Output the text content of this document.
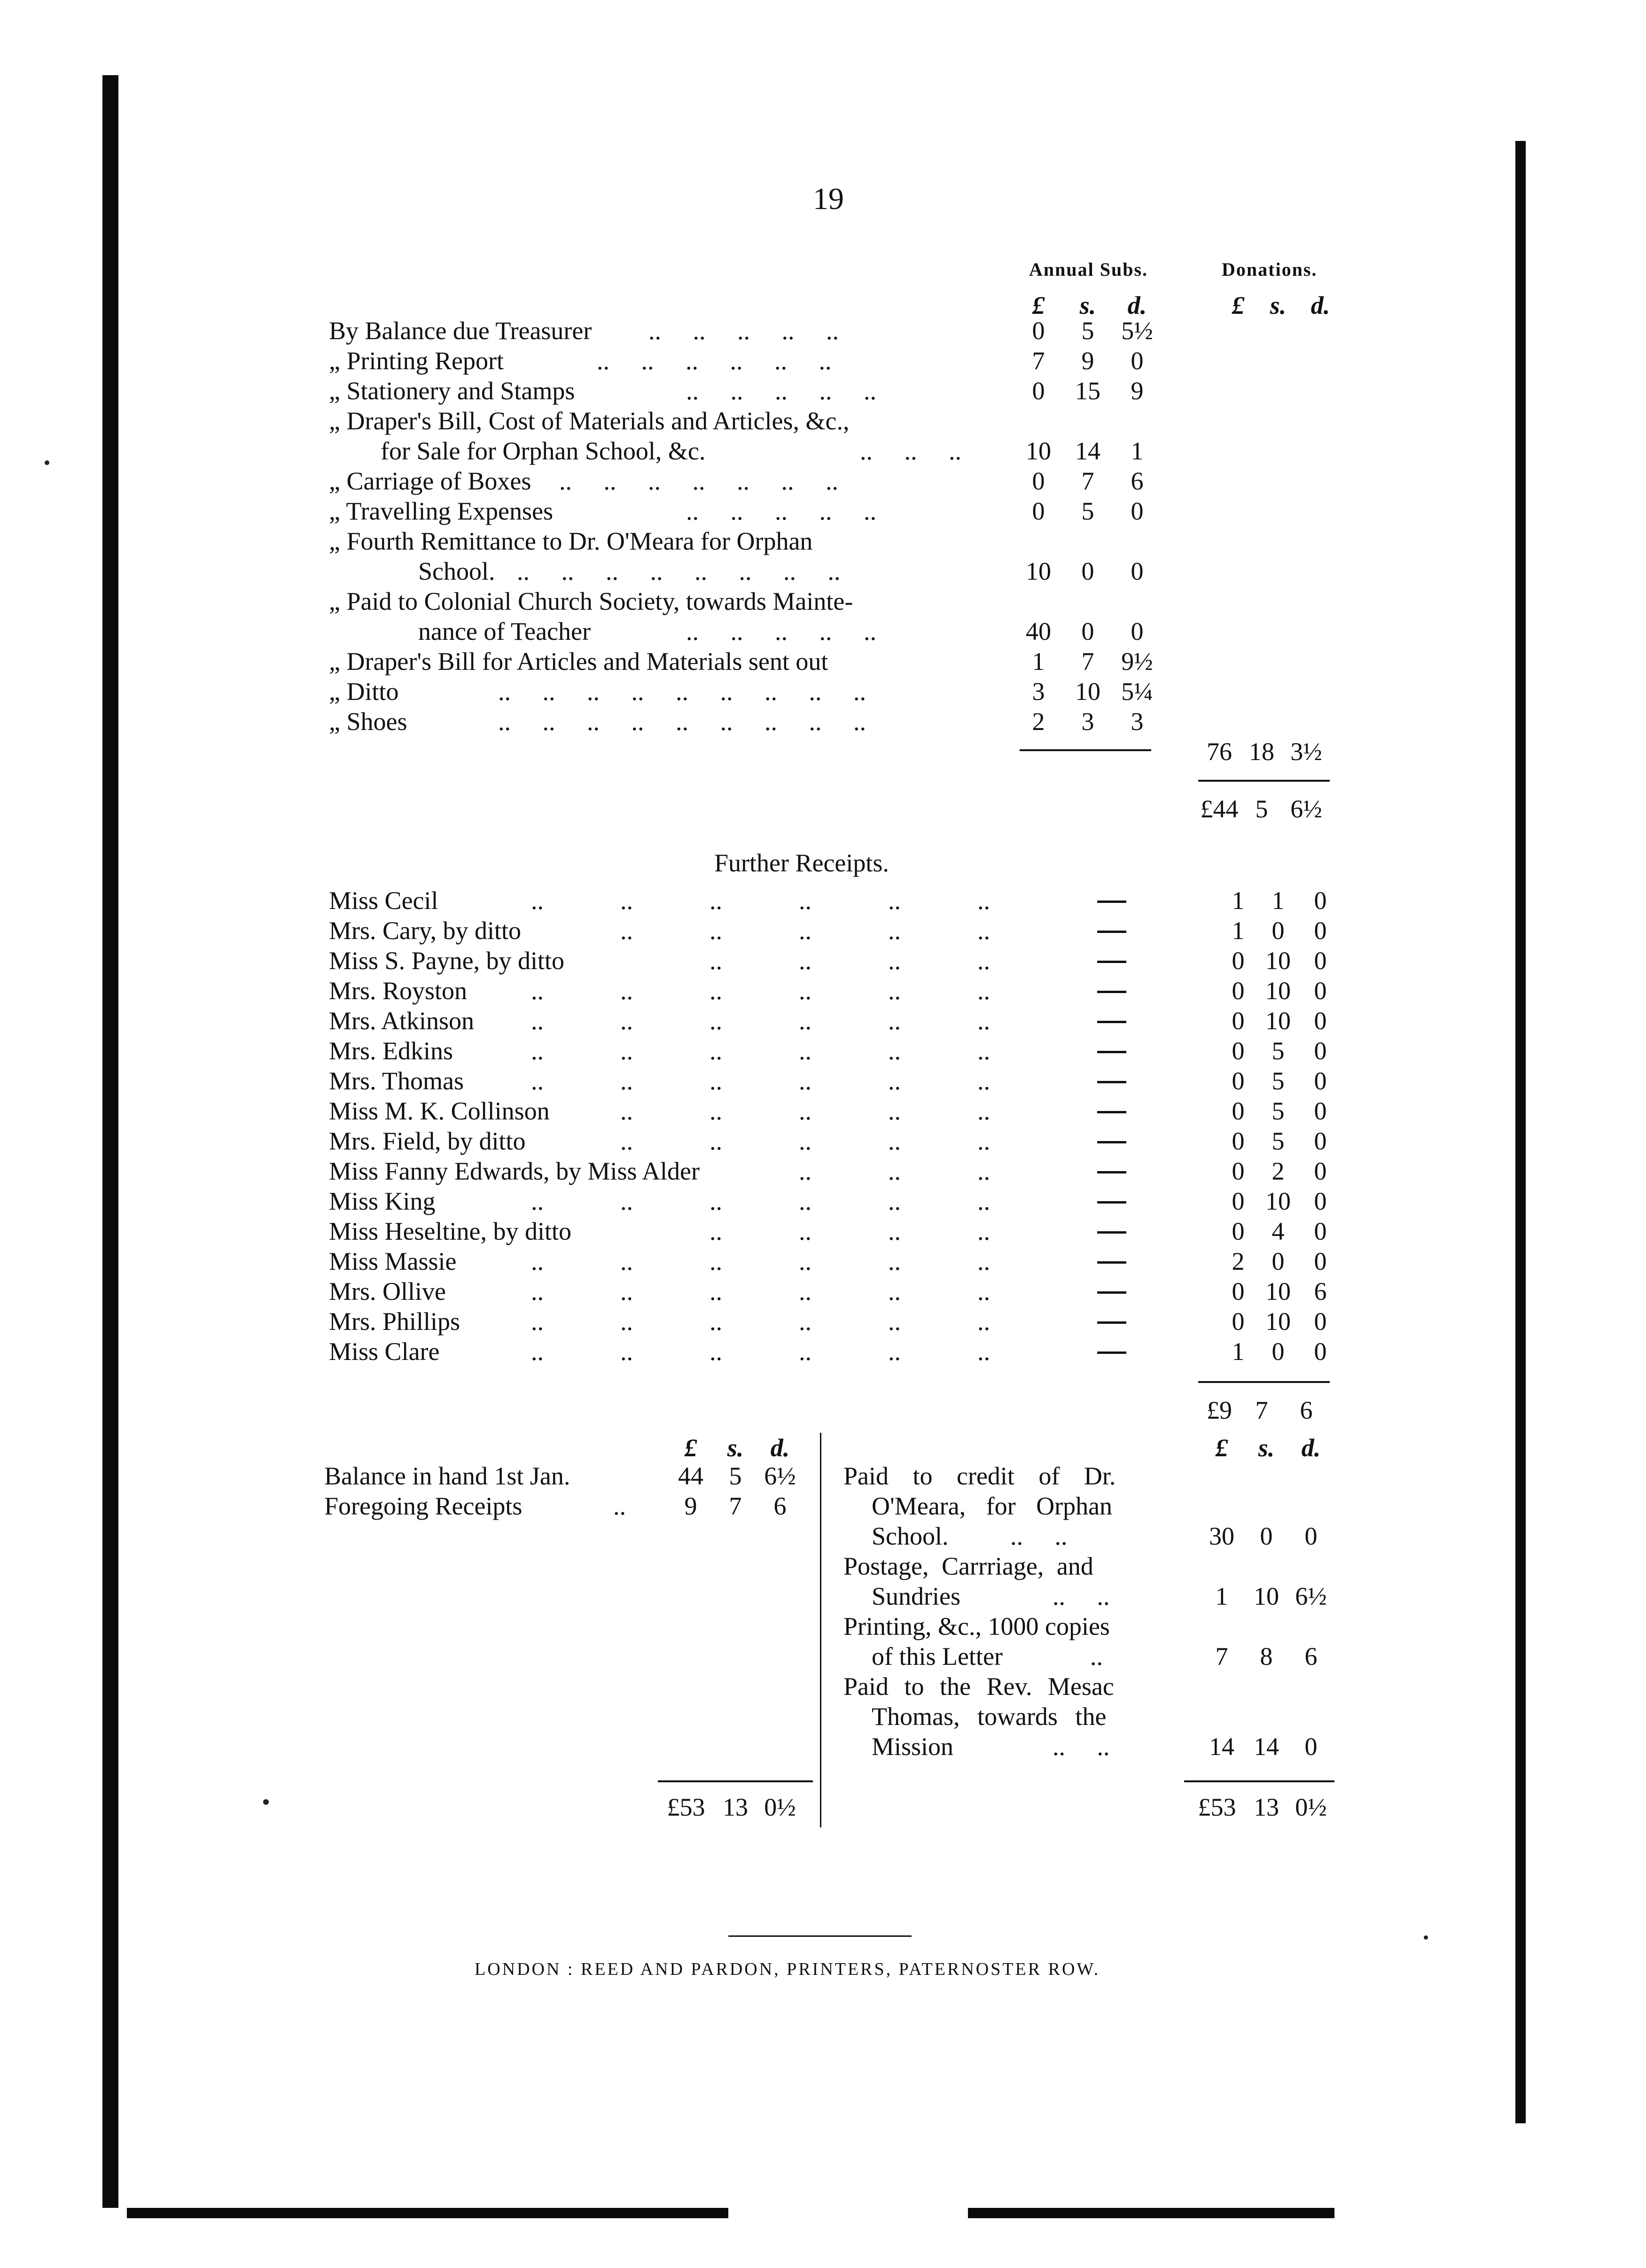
19
Annual Subs.	Donations.
£	s.	d.	£	s. d.
By Balance due Treasurer ..     ..     ..     ..     ..	0	5	5½
„ Printing Report	..     ..     ..     ..     ..     ..	7	9	0
„ Stationery and Stamps	..     ..     ..     ..     ..	0	15	9
„ Draper's Bill, Cost of Materials and Articles, &c.,
for Sale for Orphan School, &c.	..     ..     ..	10 14	1
„ Carriage of Boxes ..     ..     ..     ..     ..     ..     ..	0	7	6
„ Travelling Expenses	..     ..     ..     ..     ..	0	5	0
„ Fourth Remittance to Dr. O'Meara for Orphan
School. ..     ..     ..     ..     ..     ..     ..     ..	10	0	0
„ Paid to Colonial Church Society, towards Mainte-
nance of Teacher	..     ..     ..     ..     ..	40	0	0
„ Draper's Bill for Articles and Materials sent out	1	7	9½
„ Ditto	..     ..     ..     ..     ..     ..     ..     ..     ..	3	10 5¼
„ Shoes	..     ..     ..     ..     ..     ..     ..     ..     ..	2	3	3
76 18 3½
£44 5 6½
Further Receipts.
Miss Cecil	..	..	..	..	..	..	1	1	0
Mrs. Cary, by ditto	..	..	..	..	..	1	0	0
Miss S. Payne, by ditto	..	..	..	..	0 10 0
Mrs. Royston	..	..	..	..	..	..	0 10 0
Mrs. Atkinson ..	..	..	..	..	..	0 10 0
Mrs. Edkins	..	..	..	..	..	..	0	5	0
Mrs. Thomas	..	..	..	..	..	..	0	5	0
Miss M. K. Collinson	..	..	..	..	..	0	5	0
Mrs. Field, by ditto	..	..	..	..	..	0	5	0
Miss Fanny Edwards, by Miss Alder	..	..	..	0	2	0
Miss King	..	..	..	..	..	..	0 10 0
Miss Heseltine, by ditto	..	..	..	..	0	4	0
Miss Massie	..	..	..	..	..	..	2	0	0
Mrs. Ollive	..	..	..	..	..	..	0 10 6
Mrs. Phillips	..	..	..	..	..	..	0 10 0
Miss Clare	..	..	..	..	..	..	1	0	0
£9 7	6
£	s.	d.	£	s.	d.
Balance in hand 1st Jan.	44	5 6½
Foregoing Receipts	..	9	7	6
Paid to credit of Dr.
O'Meara, for Orphan
School. ..     ..	30	0	0
Postage, Carrriage, and
Sundries	..     ..	1	10 6½
Printing, &c., 1000 copies
of this Letter	..	7	8	6
Paid to the Rev. Mesac
Thomas, towards the
Mission	..     ..	14 14	0
£53 13 0½	£53 13 0½
LONDON : REED AND PARDON, PRINTERS, PATERNOSTER ROW.
